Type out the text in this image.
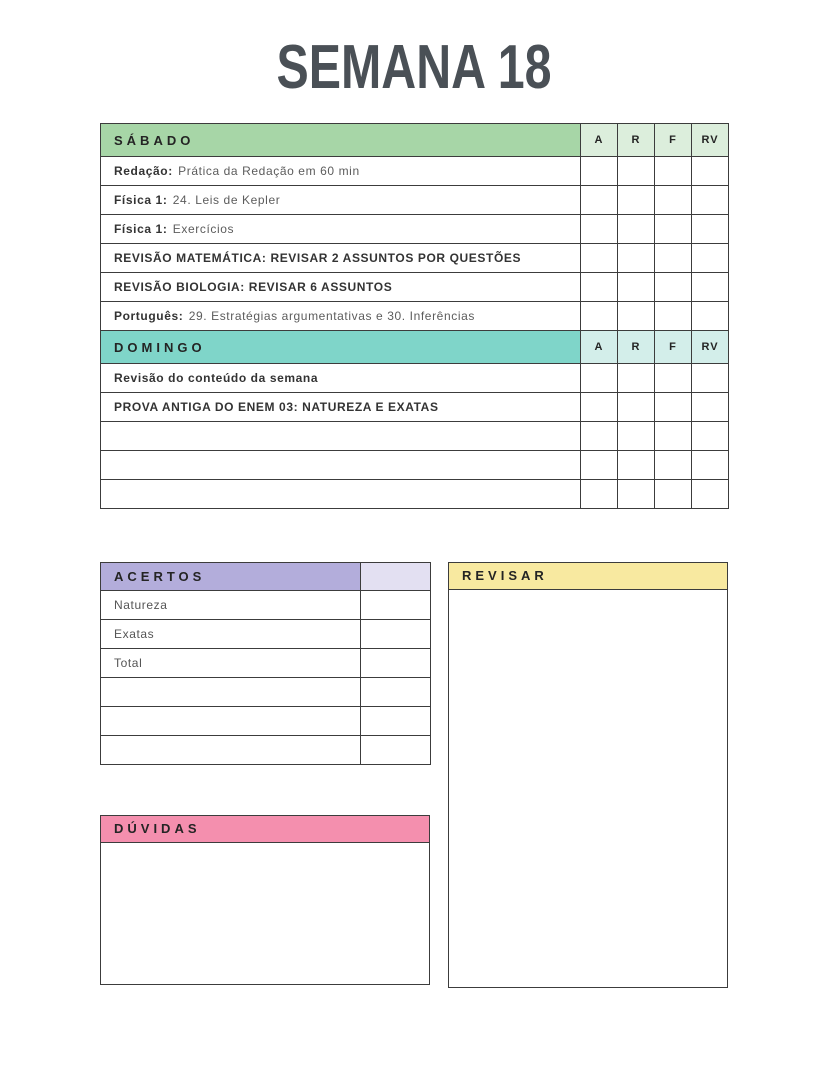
SEMANA 18
SÁBADO	A	R	F	RV
Redação: Prática da Redação em 60 min				
Física 1: 24. Leis de Kepler				
Física 1: Exercícios				
REVISÃO MATEMÁTICA: REVISAR 2 ASSUNTOS POR QUESTÕES				
REVISÃO BIOLOGIA: REVISAR 6 ASSUNTOS				
Português: 29. Estratégias argumentativas e 30. Inferências				
DOMINGO	A	R	F	RV
Revisão do conteúdo da semana				
PROVA ANTIGA DO ENEM 03: NATUREZA E EXATAS				

ACERTOS	
Natureza	
Exatas	
Total	

REVISAR
DÚVIDAS
